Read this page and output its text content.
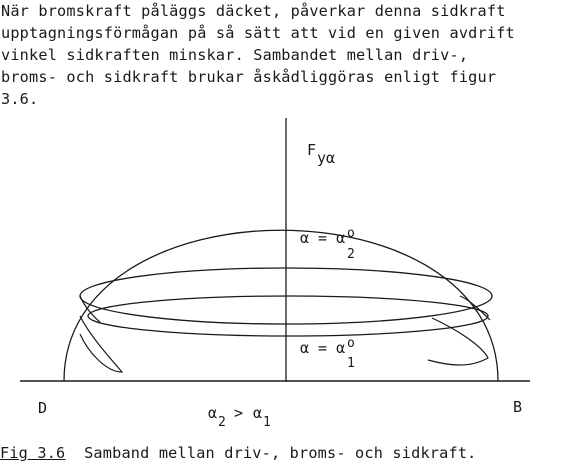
När bromskraft påläggs däcket, påverkar denna sidkraft
upptagningsförmågan på så sätt att vid en given avdrift
vinkel sidkraften minskar. Sambandet mellan driv-,
broms- och sidkraft brukar åskådliggöras enligt figur
3.6.
F yα
α = α o
2
α = α o
1
D	B
α
2
> α
1
Fig 3.6  Samband mellan driv-, broms- och sidkraft.
